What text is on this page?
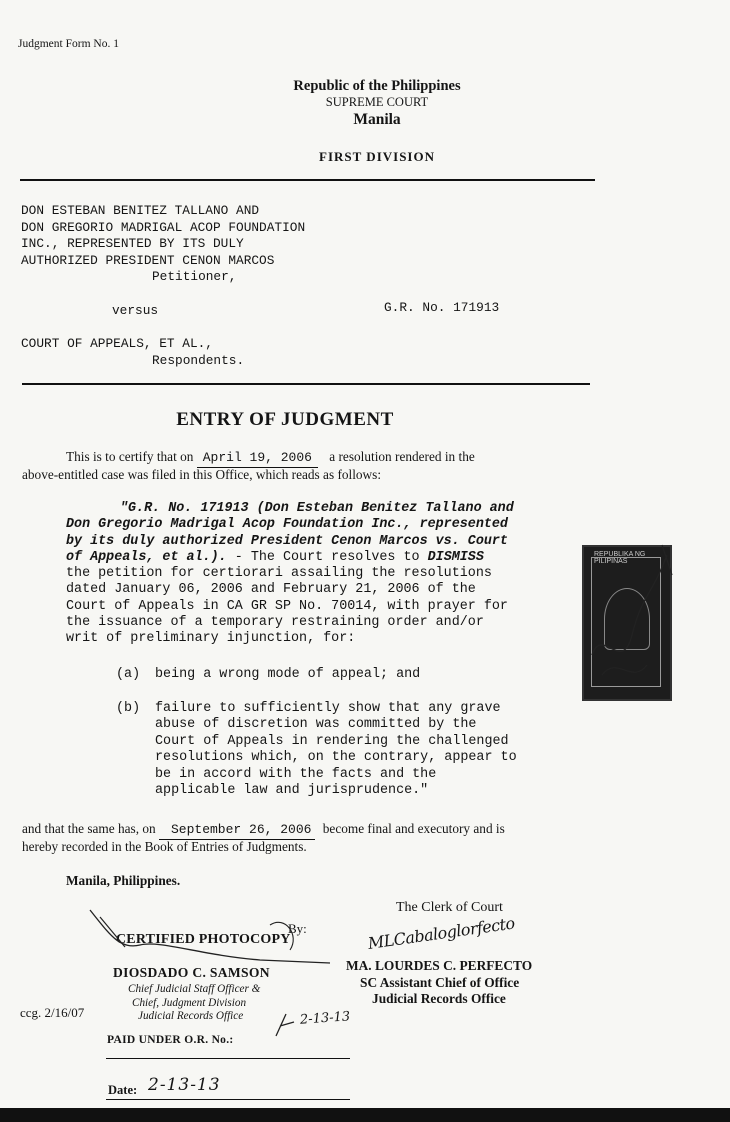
Judgment Form No. 1
Republic of the Philippines
SUPREME COURT
Manila
FIRST DIVISION
DON ESTEBAN BENITEZ TALLANO AND
DON GREGORIO MADRIGAL ACOP FOUNDATION
INC., REPRESENTED BY ITS DULY
AUTHORIZED PRESIDENT CENON MARCOS
Petitioner,
versus	G.R. No. 171913
COURT OF APPEALS, ET AL.,
Respondents.
ENTRY OF JUDGMENT
This is to certify that on April 19, 2006 a resolution rendered in the
above-entitled case was filed in this Office, which reads as follows:
"G.R. No. 171913 (Don Esteban Benitez Tallano and
Don Gregorio Madrigal Acop Foundation Inc., represented
by its duly authorized President Cenon Marcos vs. Court
of Appeals, et al.). - The Court resolves to DISMISS
the petition for certiorari assailing the resolutions
dated January 06, 2006 and February 21, 2006 of the
Court of Appeals in CA GR SP No. 70014, with prayer for
the issuance of a temporary restraining order and/or
writ of preliminary injunction, for:
(a) being a wrong mode of appeal; and
(b) failure to sufficiently show that any grave
abuse of discretion was committed by the
Court of Appeals in rendering the challenged
resolutions which, on the contrary, appear to
be in accord with the facts and the
applicable law and jurisprudence."
REPUBLIKA NG PILIPINAS
and that the same has, on September 26, 2006 become final and executory and is
hereby recorded in the Book of Entries of Judgments.
Manila, Philippines.
The Clerk of Court
By:	MLCabaloglorfecto
MA. LOURDES C. PERFECTO
SC Assistant Chief of Office
Judicial Records Office
CERTIFIED PHOTOCOPY
DIOSDADO C. SAMSON
Chief Judicial Staff Officer &
Chief, Judgment Division
Judicial Records Office	2-13-13
ccg. 2/16/07
PAID UNDER O.R. No.:
Date: 2-13-13
